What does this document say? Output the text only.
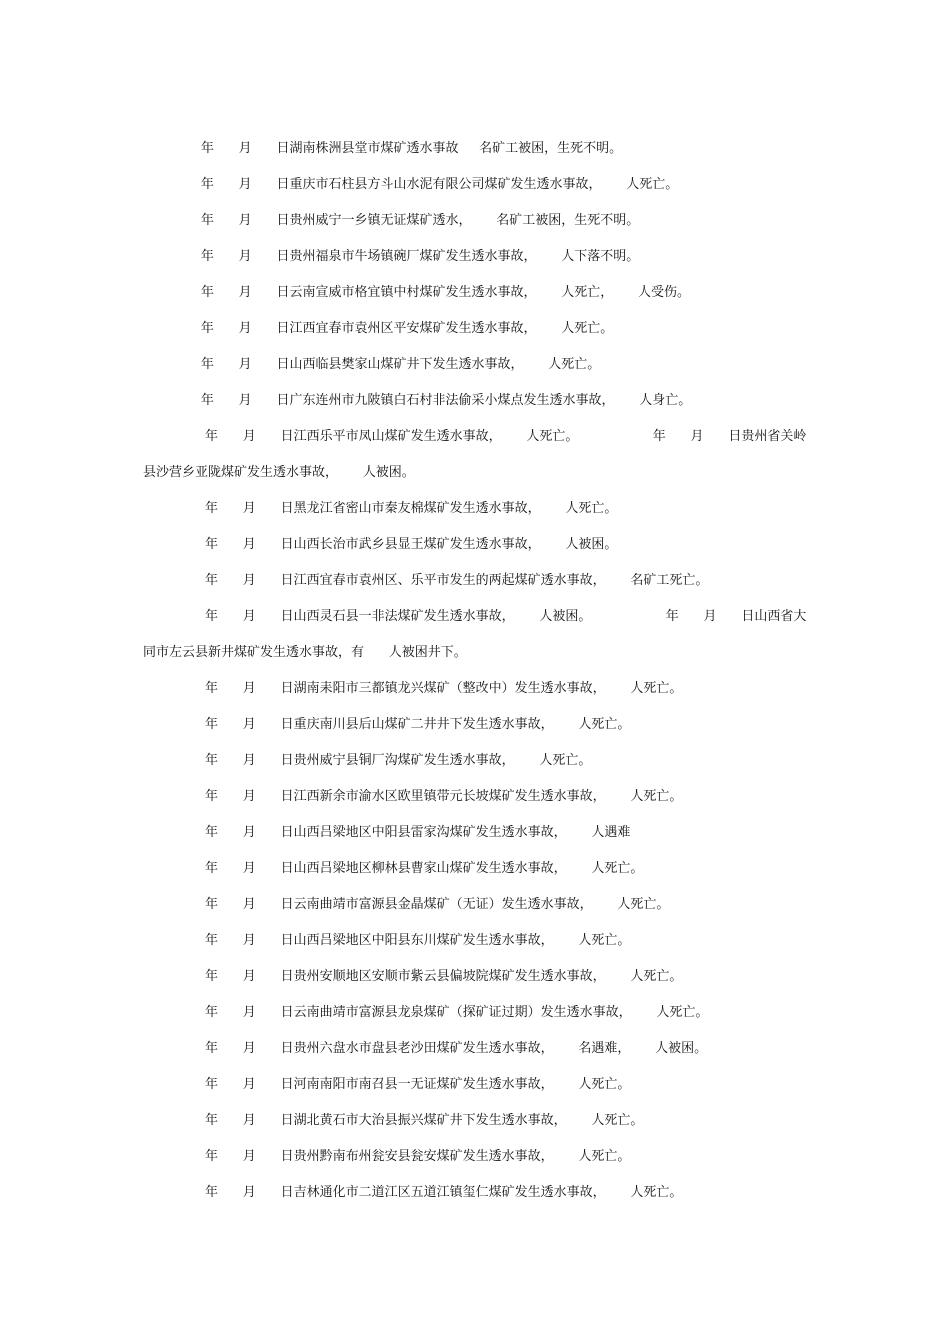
年      月      日湖南株洲县堂市煤矿透水事故     名矿工被困，生死不明。
年      月      日重庆市石柱县方斗山水泥有限公司煤矿发生透水事故，      人死亡。
年      月      日贵州威宁一乡镇无证煤矿透水，      名矿工被困，生死不明。
年      月      日贵州福泉市牛场镇碗厂煤矿发生透水事故，      人下落不明。
年      月      日云南宣威市格宜镇中村煤矿发生透水事故，      人死亡，      人受伤。
年      月      日江西宜春市袁州区平安煤矿发生透水事故，      人死亡。
年      月      日山西临县樊家山煤矿井下发生透水事故，      人死亡。
年      月      日广东连州市九陂镇白石村非法偷采小煤点发生透水事故，      人身亡。
年      月      日江西乐平市凤山煤矿发生透水事故，      人死亡。                  年      月      日贵州省关岭
县沙营乡亚陇煤矿发生透水事故，      人被困。
年      月      日黑龙江省密山市秦友棉煤矿发生透水事故，      人死亡。
年      月      日山西长治市武乡县显王煤矿发生透水事故，      人被困。
年      月      日江西宜春市袁州区、乐平市发生的两起煤矿透水事故，      名矿工死亡。
年      月      日山西灵石县一非法煤矿发生透水事故，      人被困。                  年      月      日山西省大
同市左云县新井煤矿发生透水事故，有      人被困井下。
年      月      日湖南耒阳市三都镇龙兴煤矿（整改中）发生透水事故，      人死亡。
年      月      日重庆南川县后山煤矿二井井下发生透水事故，      人死亡。
年      月      日贵州威宁县铜厂沟煤矿发生透水事故，      人死亡。
年      月      日江西新余市渝水区欧里镇带元长坡煤矿发生透水事故，      人死亡。
年      月      日山西吕梁地区中阳县雷家沟煤矿发生透水事故，      人遇难
年      月      日山西吕梁地区柳林县曹家山煤矿发生透水事故，      人死亡。
年      月      日云南曲靖市富源县金晶煤矿（无证）发生透水事故，      人死亡。
年      月      日山西吕梁地区中阳县东川煤矿发生透水事故，      人死亡。
年      月      日贵州安顺地区安顺市紫云县偏坡院煤矿发生透水事故，      人死亡。
年      月      日云南曲靖市富源县龙泉煤矿（探矿证过期）发生透水事故，      人死亡。
年      月      日贵州六盘水市盘县老沙田煤矿发生透水事故，      名遇难，      人被困。
年      月      日河南南阳市南召县一无证煤矿发生透水事故，      人死亡。
年      月      日湖北黄石市大治县振兴煤矿井下发生透水事故，      人死亡。
年      月      日贵州黔南布州瓮安县瓮安煤矿发生透水事故，      人死亡。
年      月      日吉林通化市二道江区五道江镇玺仁煤矿发生透水事故，      人死亡。
